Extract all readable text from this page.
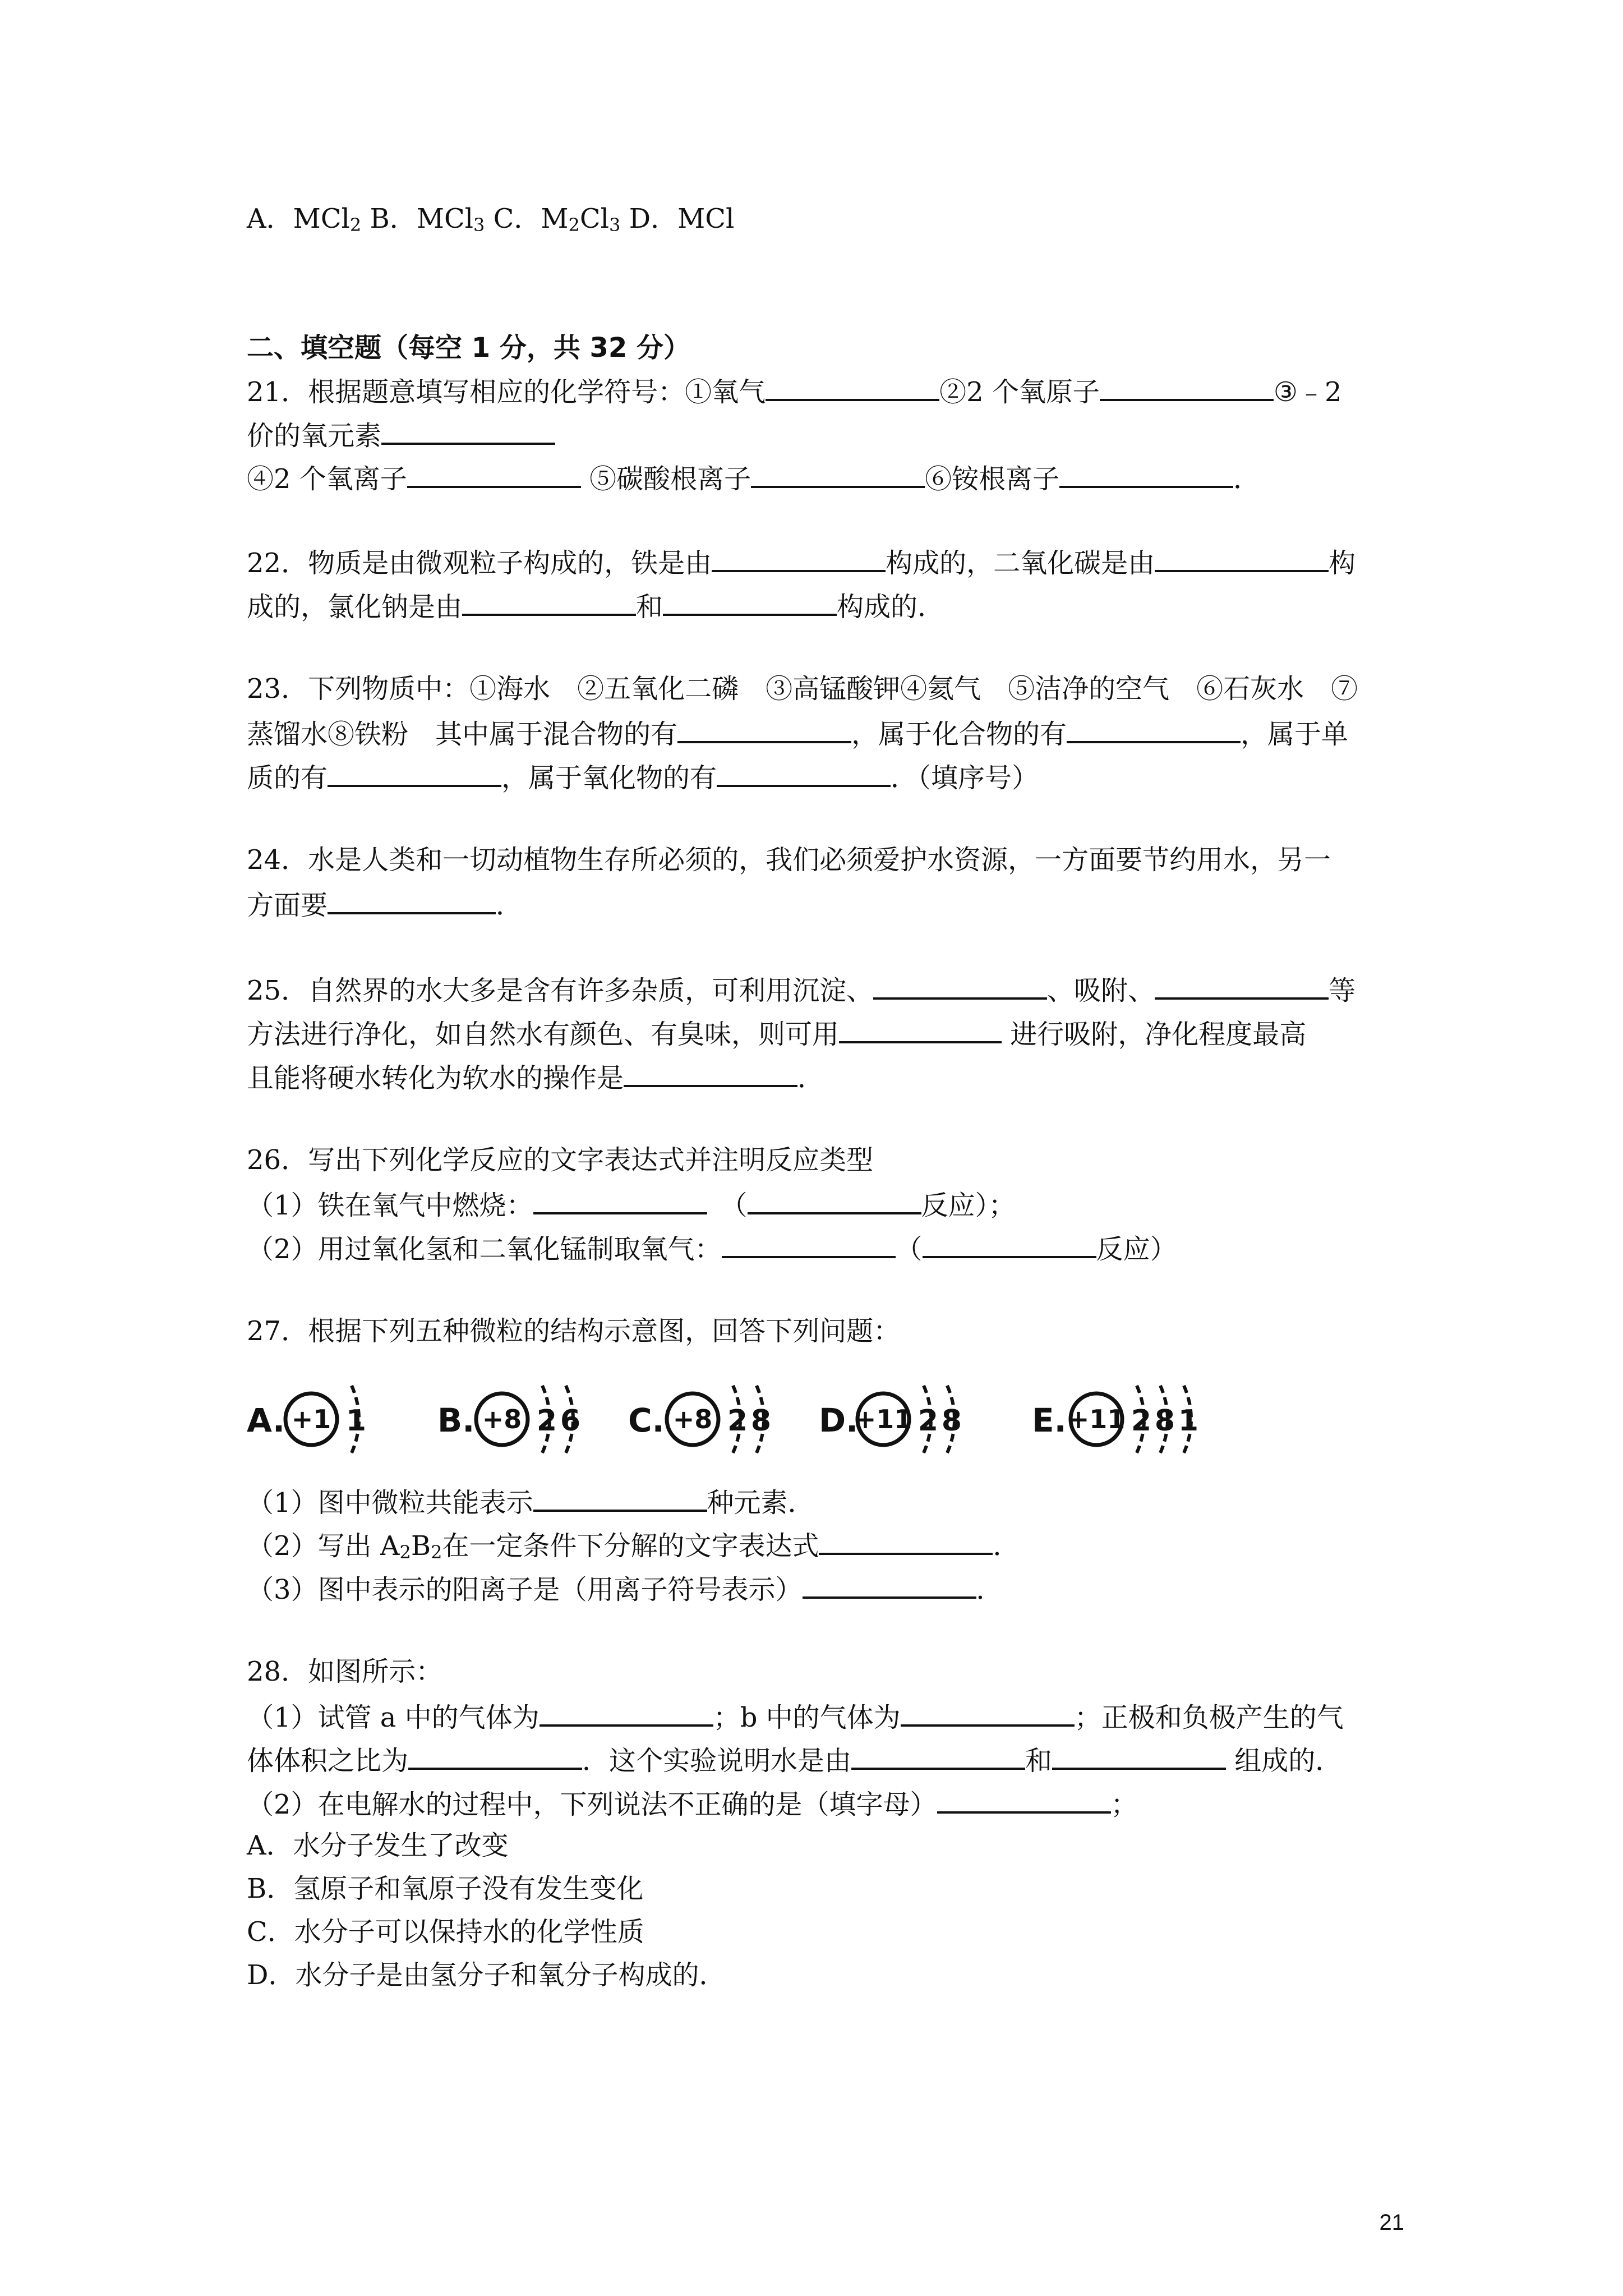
A．MCl$_2$ B．MCl$_3$ C．$M_2Cl_3$ D．MCl
二、填空题（每空 1 分，共 32 分）
21．根据题意填写相应的化学符号：①氧气	②2 个氧原子	③﹣2
价的氧元素
④2 个氧离子	⑤碳酸根离子	⑥铵根离子	．
22．物质是由微观粒子构成的，铁是由	构成的，二氧化碳是由	构
成的，氯化钠是由	和	构成的．
23．下列物质中：①海水　②五氧化二磷　③高锰酸钾④氦气　⑤洁净的空气　⑥石灰水　⑦
蒸馏水⑧铁粉　其中属于混合物的有	，属于化合物的有	，属于单
质的有	，属于氧化物的有	．（填序号）
24．水是人类和一切动植物生存所必须的，我们必须爱护水资源，一方面要节约用水，另一
方面要	．
25．自然界的水大多是含有许多杂质，可利用沉淀、	、吸附、	等
方法进行净化，如自然水有颜色、有臭味，则可用	进行吸附，净化程度最高
且能将硬水转化为软水的操作是	．
26．写出下列化学反应的文字表达式并注明反应类型
（1）铁在氧气中燃烧：	　（	反应）；
（2）用过氧化氢和二氧化锰制取氧气：	（	反应）
27．根据下列五种微粒的结构示意图，回答下列问题：
A. +1 1 B. +8 2 6 C. +8 2 8 D.
+11 2 8 E. +11 2 8 1
（1）图中微粒共能表示	种元素．
（2）写出 $A_2B_2$在一定条件下分解的文字表达式	．
（3）图中表示的阳离子是（用离子符号表示）	．
28．如图所示：
（1）试管 a 中的气体为	；b 中的气体为	；正极和负极产生的气
体体积之比为	．这个实验说明水是由	和	组成的．
（2）在电解水的过程中，下列说法不正确的是（填字母）	；
A．水分子发生了改变
B．氢原子和氧原子没有发生变化
C．水分子可以保持水的化学性质
D．水分子是由氢分子和氧分子构成的．
21
